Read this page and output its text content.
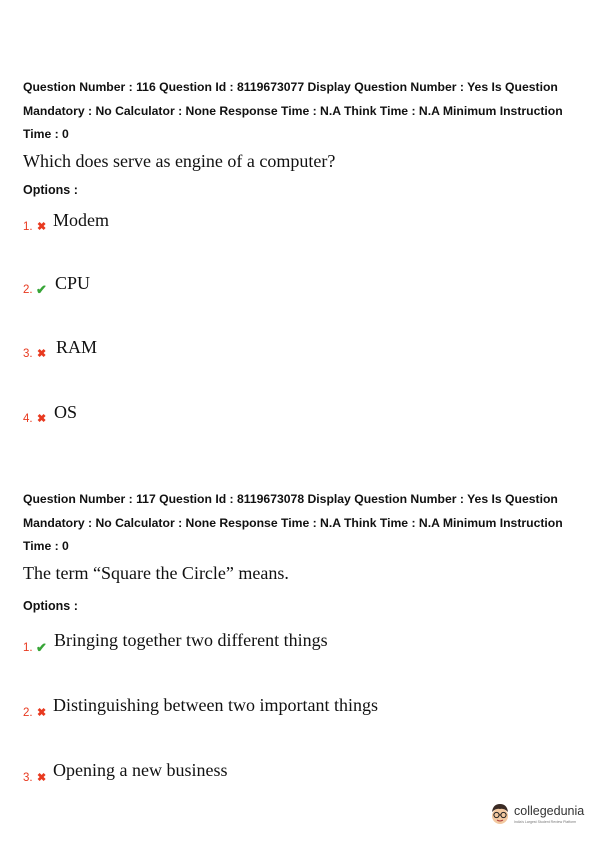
Question Number : 116 Question Id : 8119673077 Display Question Number : Yes Is Question
Mandatory : No Calculator : None Response Time : N.A Think Time : N.A Minimum Instruction
Time : 0
Which does serve as engine of a computer?
Options :
1. ✖ Modem
2. ✔ CPU
3. ✖ RAM
4. ✖ OS
Question Number : 117 Question Id : 8119673078 Display Question Number : Yes Is Question
Mandatory : No Calculator : None Response Time : N.A Think Time : N.A Minimum Instruction
Time : 0
The term “Square the Circle” means.
Options :
1. ✔ Bringing together two different things
2. ✖ Distinguishing between two important things
3. ✖ Opening a new business
collegedunia
India's Largest Student Review Platform
